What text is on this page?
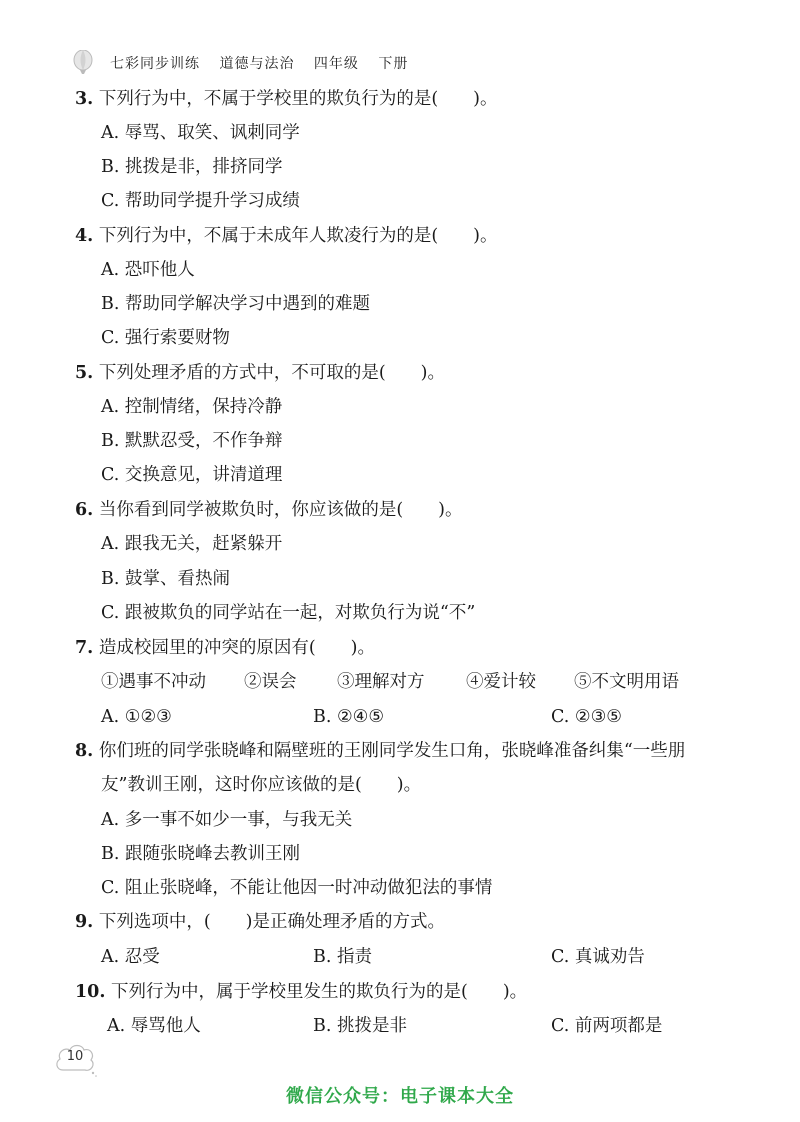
七彩同步训练 道德与法治 四年级 下册
3. 下列行为中，不属于学校里的欺负行为的是(　　)。
A. 辱骂、取笑、讽刺同学
B. 挑拨是非，排挤同学
C. 帮助同学提升学习成绩
4. 下列行为中，不属于未成年人欺凌行为的是(　　)。
A. 恐吓他人
B. 帮助同学解决学习中遇到的难题
C. 强行索要财物
5. 下列处理矛盾的方式中，不可取的是(　　)。
A. 控制情绪，保持冷静
B. 默默忍受，不作争辩
C. 交换意见，讲清道理
6. 当你看到同学被欺负时，你应该做的是(　　)。
A. 跟我无关，赶紧躲开
B. 鼓掌、看热闹
C. 跟被欺负的同学站在一起，对欺负行为说“不”
7. 造成校园里的冲突的原因有(　　)。
①遇事不冲动 ②误会 ③理解对方 ④爱计较 ⑤不文明用语
A. ①②③	B. ②④⑤	C. ②③⑤
8. 你们班的同学张晓峰和隔壁班的王刚同学发生口角，张晓峰准备纠集“一些朋
友”教训王刚，这时你应该做的是(　　)。
A. 多一事不如少一事，与我无关
B. 跟随张晓峰去教训王刚
C. 阻止张晓峰，不能让他因一时冲动做犯法的事情
9. 下列选项中，(　　)是正确处理矛盾的方式。
A. 忍受	B. 指责	C. 真诚劝告
10. 下列行为中，属于学校里发生的欺负行为的是(　　)。
A. 辱骂他人	B. 挑拨是非	C. 前两项都是
10
微信公众号：电子课本大全
